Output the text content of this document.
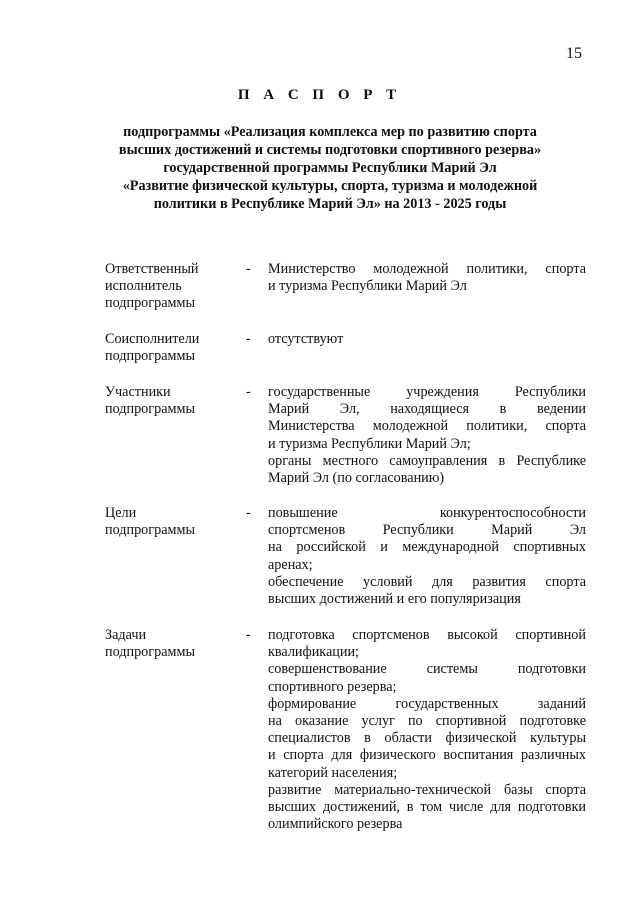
15
П А С П О Р Т
подпрограммы «Реализация комплекса мер по развитию спорта
высших достижений и системы подготовки спортивного резерва»
государственной программы Республики Марий Эл
«Развитие физической культуры, спорта, туризма и молодежной
политики в Республике Марий Эл» на 2013 - 2025 годы
Ответственный
исполнитель
подпрограммы
- Министерство молодежной политики, спорта
и туризма Республики Марий Эл
Соисполнители
подпрограммы
- отсутствуют
Участники
подпрограммы
- государственные учреждения Республики
Марий Эл, находящиеся в ведении
Министерства молодежной политики, спорта
и туризма Республики Марий Эл;
органы местного самоуправления в Республике
Марий Эл (по согласованию)
Цели
подпрограммы
- повышение конкурентоспособности
спортсменов Республики Марий Эл
на российской и международной спортивных
аренах;
обеспечение условий для развития спорта
высших достижений и его популяризация
Задачи
подпрограммы
- подготовка спортсменов высокой спортивной
квалификации;
совершенствование системы подготовки
спортивного резерва;
формирование государственных заданий
на оказание услуг по спортивной подготовке
специалистов в области физической культуры
и спорта для физического воспитания различных
категорий населения;
развитие материально-технической базы спорта
высших достижений, в том числе для подготовки
олимпийского резерва
